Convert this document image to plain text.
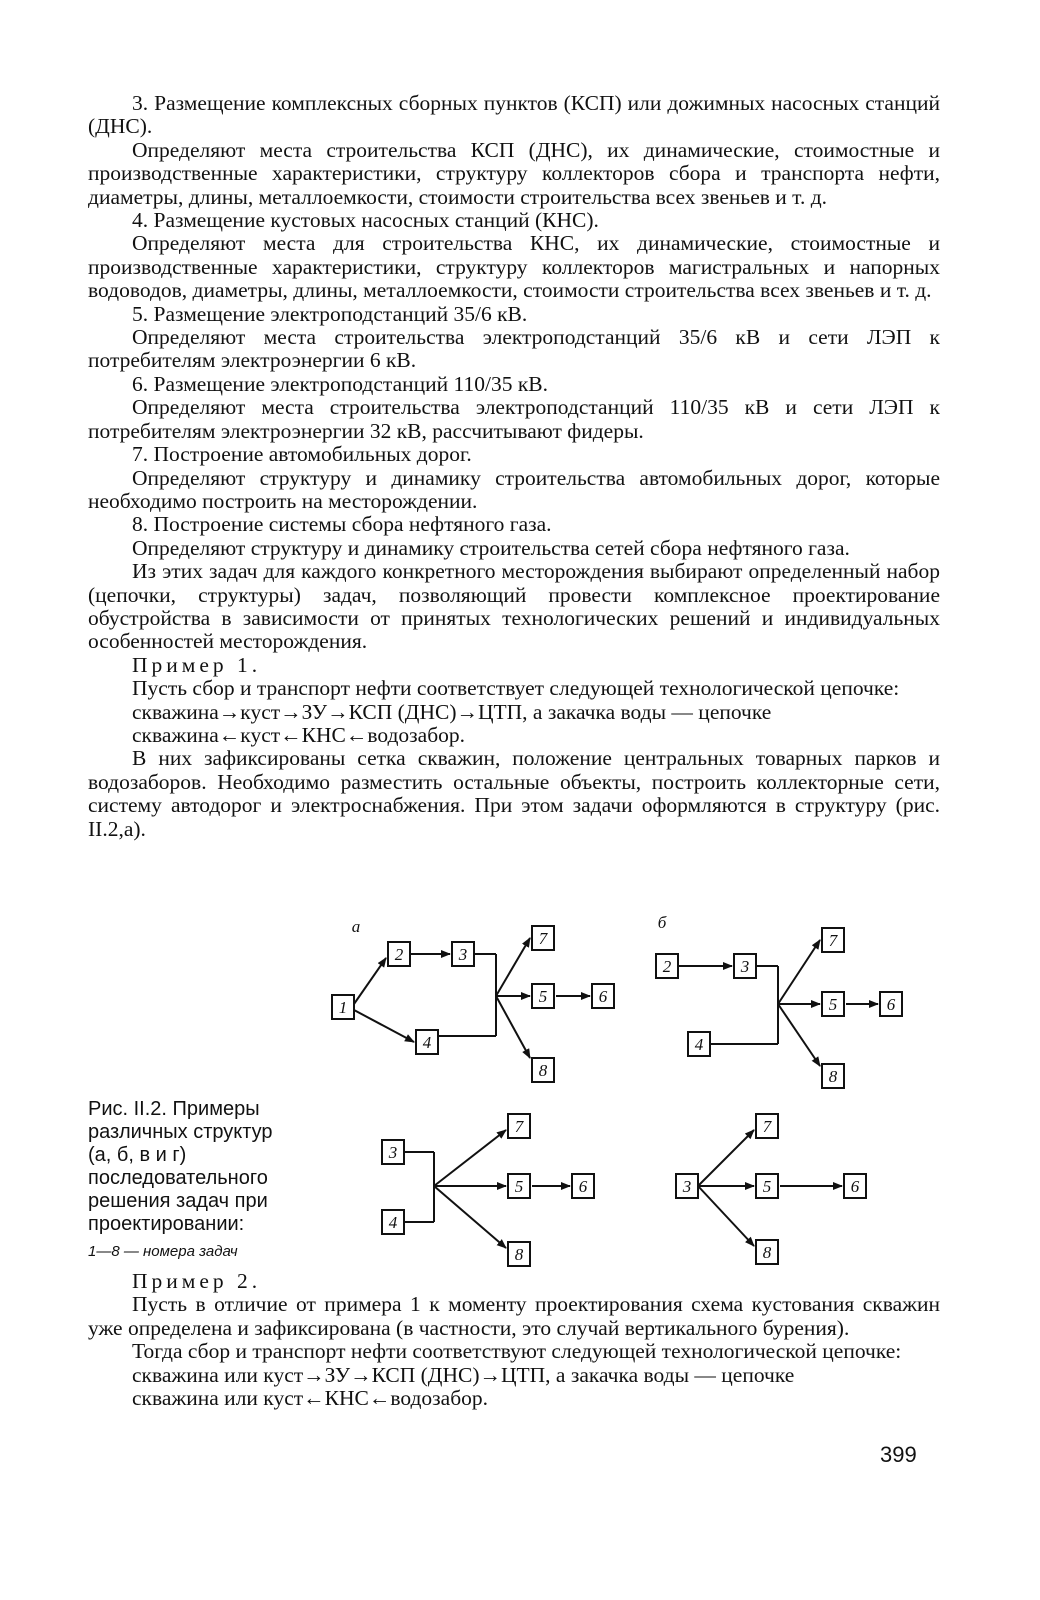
3. Размещение комплексных сборных пунктов (КСП) или дожимных насосных станций (ДНС).

Определяют места строительства КСП (ДНС), их динамические, стоимостные и производственные характеристики, структуру коллекторов сбора и транспорта нефти, диаметры, длины, металлоемкости, стоимости строительства всех звеньев и т. д.

4. Размещение кустовых насосных станций (КНС).

Определяют места для строительства КНС, их динамические, стоимостные и производственные характеристики, структуру коллекторов магистральных и напорных водоводов, диаметры, длины, металлоемкости, стоимости строительства всех звеньев и т. д.

5. Размещение электроподстанций 35/6 кВ.

Определяют места строительства электроподстанций 35/6 кВ и сети ЛЭП к потребителям электроэнергии 6 кВ.

6. Размещение электроподстанций 110/35 кВ.

Определяют места строительства электроподстанций 110/35 кВ и сети ЛЭП к потребителям электроэнергии 32 кВ, рассчитывают фидеры.

7. Построение автомобильных дорог.

Определяют структуру и динамику строительства автомобильных дорог, которые необходимо построить на месторождении.

8. Построение системы сбора нефтяного газа.

Определяют структуру и динамику строительства сетей сбора нефтяного газа.

Из этих задач для каждого конкретного месторождения выбирают определенный набор (цепочки, структуры) задач, позволяющий провести комплексное проектирование обустройства в зависимости от принятых технологических решений и индивидуальных особенностей месторождения.

Пример 1.

Пусть сбор и транспорт нефти соответствует следующей технологической цепочке:

скважина→куст→ЗУ→КСП (ДНС)→ЦТП, а закачка воды — цепочке

скважина←куст←КНС←водозабор.

В них зафиксированы сетка скважин, положение центральных товарных парков и водозаборов. Необходимо разместить остальные объекты, построить коллекторные сети, систему автодорог и электроснабжения. При этом задачи оформляются в структуру (рис. II.2,а).

а	б
1
2	3
4
7
5	6
8
2	3
4
7
5	6
8
3
4
7
5	6
8
3
7
5	6
8

Рис. II.2. Примеры различных структур (а, б, в и г) последовательного решения задач при проектировании:

1—8 — номера задач

Пример 2.

Пусть в отличие от примера 1 к моменту проектирования схема кустования скважин уже определена и зафиксирована (в частности, это случай вертикального бурения).

Тогда сбор и транспорт нефти соответствуют следующей технологической цепочке:

скважина или куст→ЗУ→КСП (ДНС)→ЦТП, а закачка воды — цепочке

скважина или куст←КНС←водозабор.

399
